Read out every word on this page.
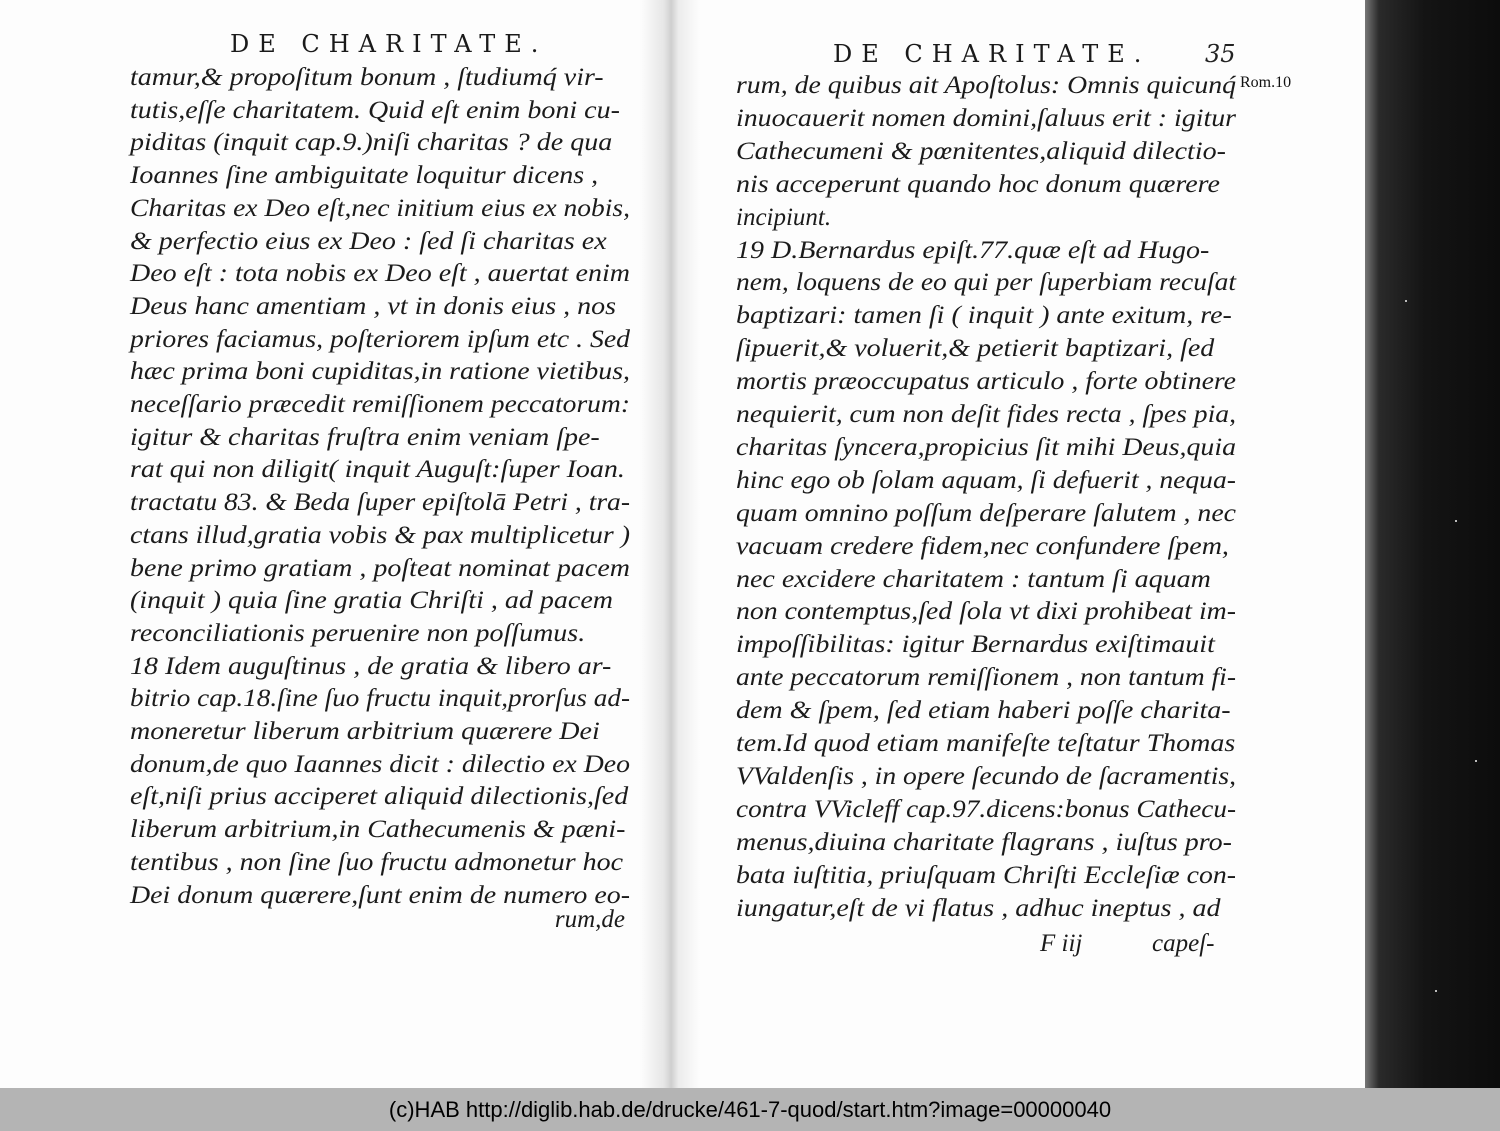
DE CHARITATE.
tamur,& propoſitum bonum , ſtudiumq́ vir-
tutis,eſſe charitatem. Quid eſt enim boni cu-
piditas (inquit cap.9.)niſi charitas ? de qua
Ioannes ſine ambiguitate loquitur dicens ,
Charitas ex Deo eſt,nec initium eius ex nobis,
& perfectio eius ex Deo : ſed ſi charitas ex
Deo eſt : tota nobis ex Deo eſt , auertat enim
Deus hanc amentiam , vt in donis eius , nos
priores faciamus, poſteriorem ipſum etc . Sed
hæc prima boni cupiditas,in ratione vietibus,
neceſſario præcedit remiſſionem peccatorum:
igitur & charitas fruſtra enim veniam ſpe-
rat qui non diligit( inquit Auguſt:ſuper Ioan.
tractatu 83. & Beda ſuper epiſtolā Petri , tra-
ctans illud,gratia vobis & pax multiplicetur )
bene primo gratiam , poſteat nominat pacem
(inquit ) quia ſine gratia Chriſti , ad pacem
reconciliationis peruenire non poſſumus.
18 Idem auguſtinus , de gratia & libero ar-
bitrio cap.18.ſine ſuo fructu inquit,prorſus ad-
moneretur liberum arbitrium quærere Dei
donum,de quo Iaannes dicit : dilectio ex Deo
eſt,niſi prius acciperet aliquid dilectionis,ſed
liberum arbitrium,in Cathecumenis & pæni-
tentibus , non ſine ſuo fructu admonetur hoc
Dei donum quærere,ſunt enim de numero eo-
rum,de
DE CHARITATE. 35
rum, de quibus ait Apoſtolus: Omnis quicunq́
inuocauerit nomen domini,ſaluus erit : igitur
Cathecumeni & pœnitentes,aliquid dilectio-
nis acceperunt quando hoc donum quærere
incipiunt.
19 D.Bernardus epiſt.77.quæ eſt ad Hugo-
nem, loquens de eo qui per ſuperbiam recuſat
baptizari: tamen ſi ( inquit ) ante exitum, re-
ſipuerit,& voluerit,& petierit baptizari, ſed
mortis præoccupatus articulo , forte obtinere
nequierit, cum non deſit fides recta , ſpes pia,
charitas ſyncera,propicius ſit mihi Deus,quia
hinc ego ob ſolam aquam, ſi defuerit , nequa-
quam omnino poſſum deſperare ſalutem , nec
vacuam credere fidem,nec confundere ſpem,
nec excidere charitatem : tantum ſi aquam
non contemptus,ſed ſola vt dixi prohibeat im-
impoſſibilitas: igitur Bernardus exiſtimauit
ante peccatorum remiſſionem , non tantum fi-
dem & ſpem, ſed etiam haberi poſſe charita-
tem.Id quod etiam manifeſte teſtatur Thomas
VValdenſis , in opere ſecundo de ſacramentis,
contra VVicleff cap.97.dicens:bonus Cathecu-
menus,diuina charitate flagrans , iuſtus pro-
bata iuſtitia, priuſquam Chriſti Eccleſiæ con-
iungatur,eſt de vi flatus , adhuc ineptus , ad
F iij	capeſ-
Rom.10
(c)HAB http://diglib.hab.de/drucke/461-7-quod/start.htm?image=00000040
